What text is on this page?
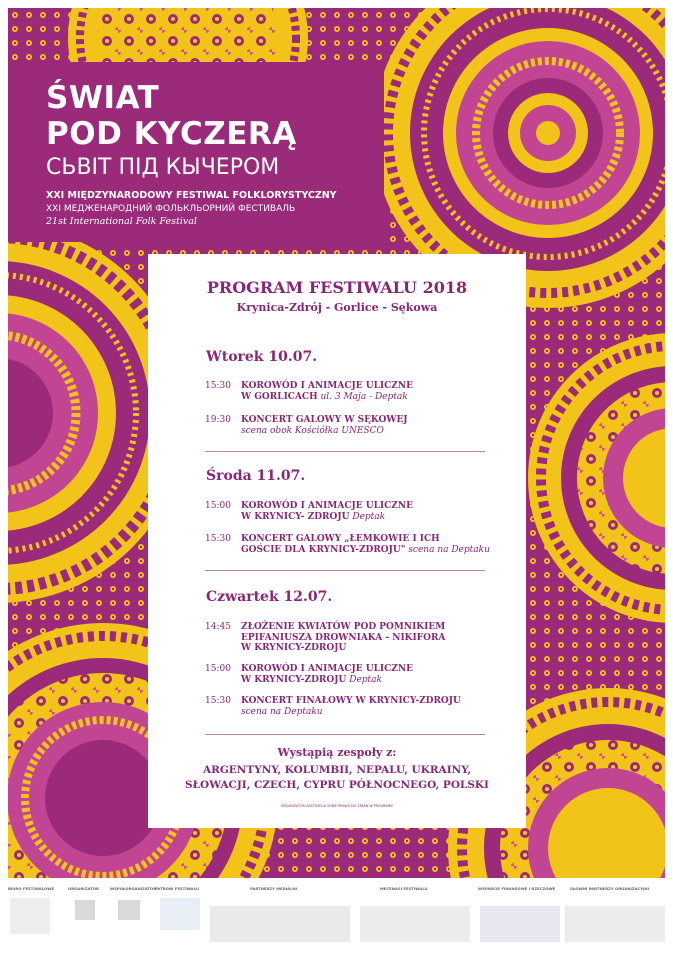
ŚWIAT
POD KYCZERĄ
СЬВIТ ПIД КЫЧЕРОМ
XXI MIĘDZYNARODOWY FESTIWAL FOLKLORYSTYCZNY
XXI МЕДЖЕНАРОДНИЙ ФОЛЬКЛЬОРНИЙ ФЕСТИВАЛЬ
21st International Folk Festival
PROGRAM FESTIWALU 2018
Krynica-Zdrój - Gorlice - Sękowa
Wtorek 10.07.
15:30 KOROWÓD I ANIMACJE ULICZNE
W GORLICACH ul. 3 Maja - Deptak
19:30 KONCERT GALOWY W SĘKOWEJ
scena obok Kościółka UNESCO
Środa 11.07.
15:00 KOROWÓD I ANIMACJE ULICZNE
W KRYNICY- ZDROJU Deptak
15:30 KONCERT GALOWY „ŁEMKOWIE I ICH
GOŚCIE DLA KRYNICY-ZDROJU" scena na Deptaku
Czwartek 12.07.
14:45 ZŁOŻENIE KWIATÓW POD POMNIKIEM
EPIFANIUSZA DROWNIAKA - NIKIFORA
W KRYNICY-ZDROJU
15:00 KOROWÓD I ANIMACJE ULICZNE
W KRYNICY-ZDROJU Deptak
15:30 KONCERT FINAŁOWY W KRYNICY-ZDROJU
scena na Deptaku
Wystąpią zespoły z:
ARGENTYNY, KOLUMBII, NEPALU, UKRAINY,
SŁOWACJI, CZECH, CYPRU PÓŁNOCNEGO, POLSKI
ORGANIZATOR ZASTRZEGA SOBIE PRAWO DO ZMIAN W PROGRAMIE
BIURO FESTIWALOWE	ORGANIZATOR	WSPÓŁORGANIZATOR
PATRONI FESTIWALU	PARTNERZY MEDIALNI	MECENASI FESTIWALU	WSPARCIE FINANSOWE I RZECZOWE	GŁÓWNI PARTNERZY ORGANIZACYJNI
